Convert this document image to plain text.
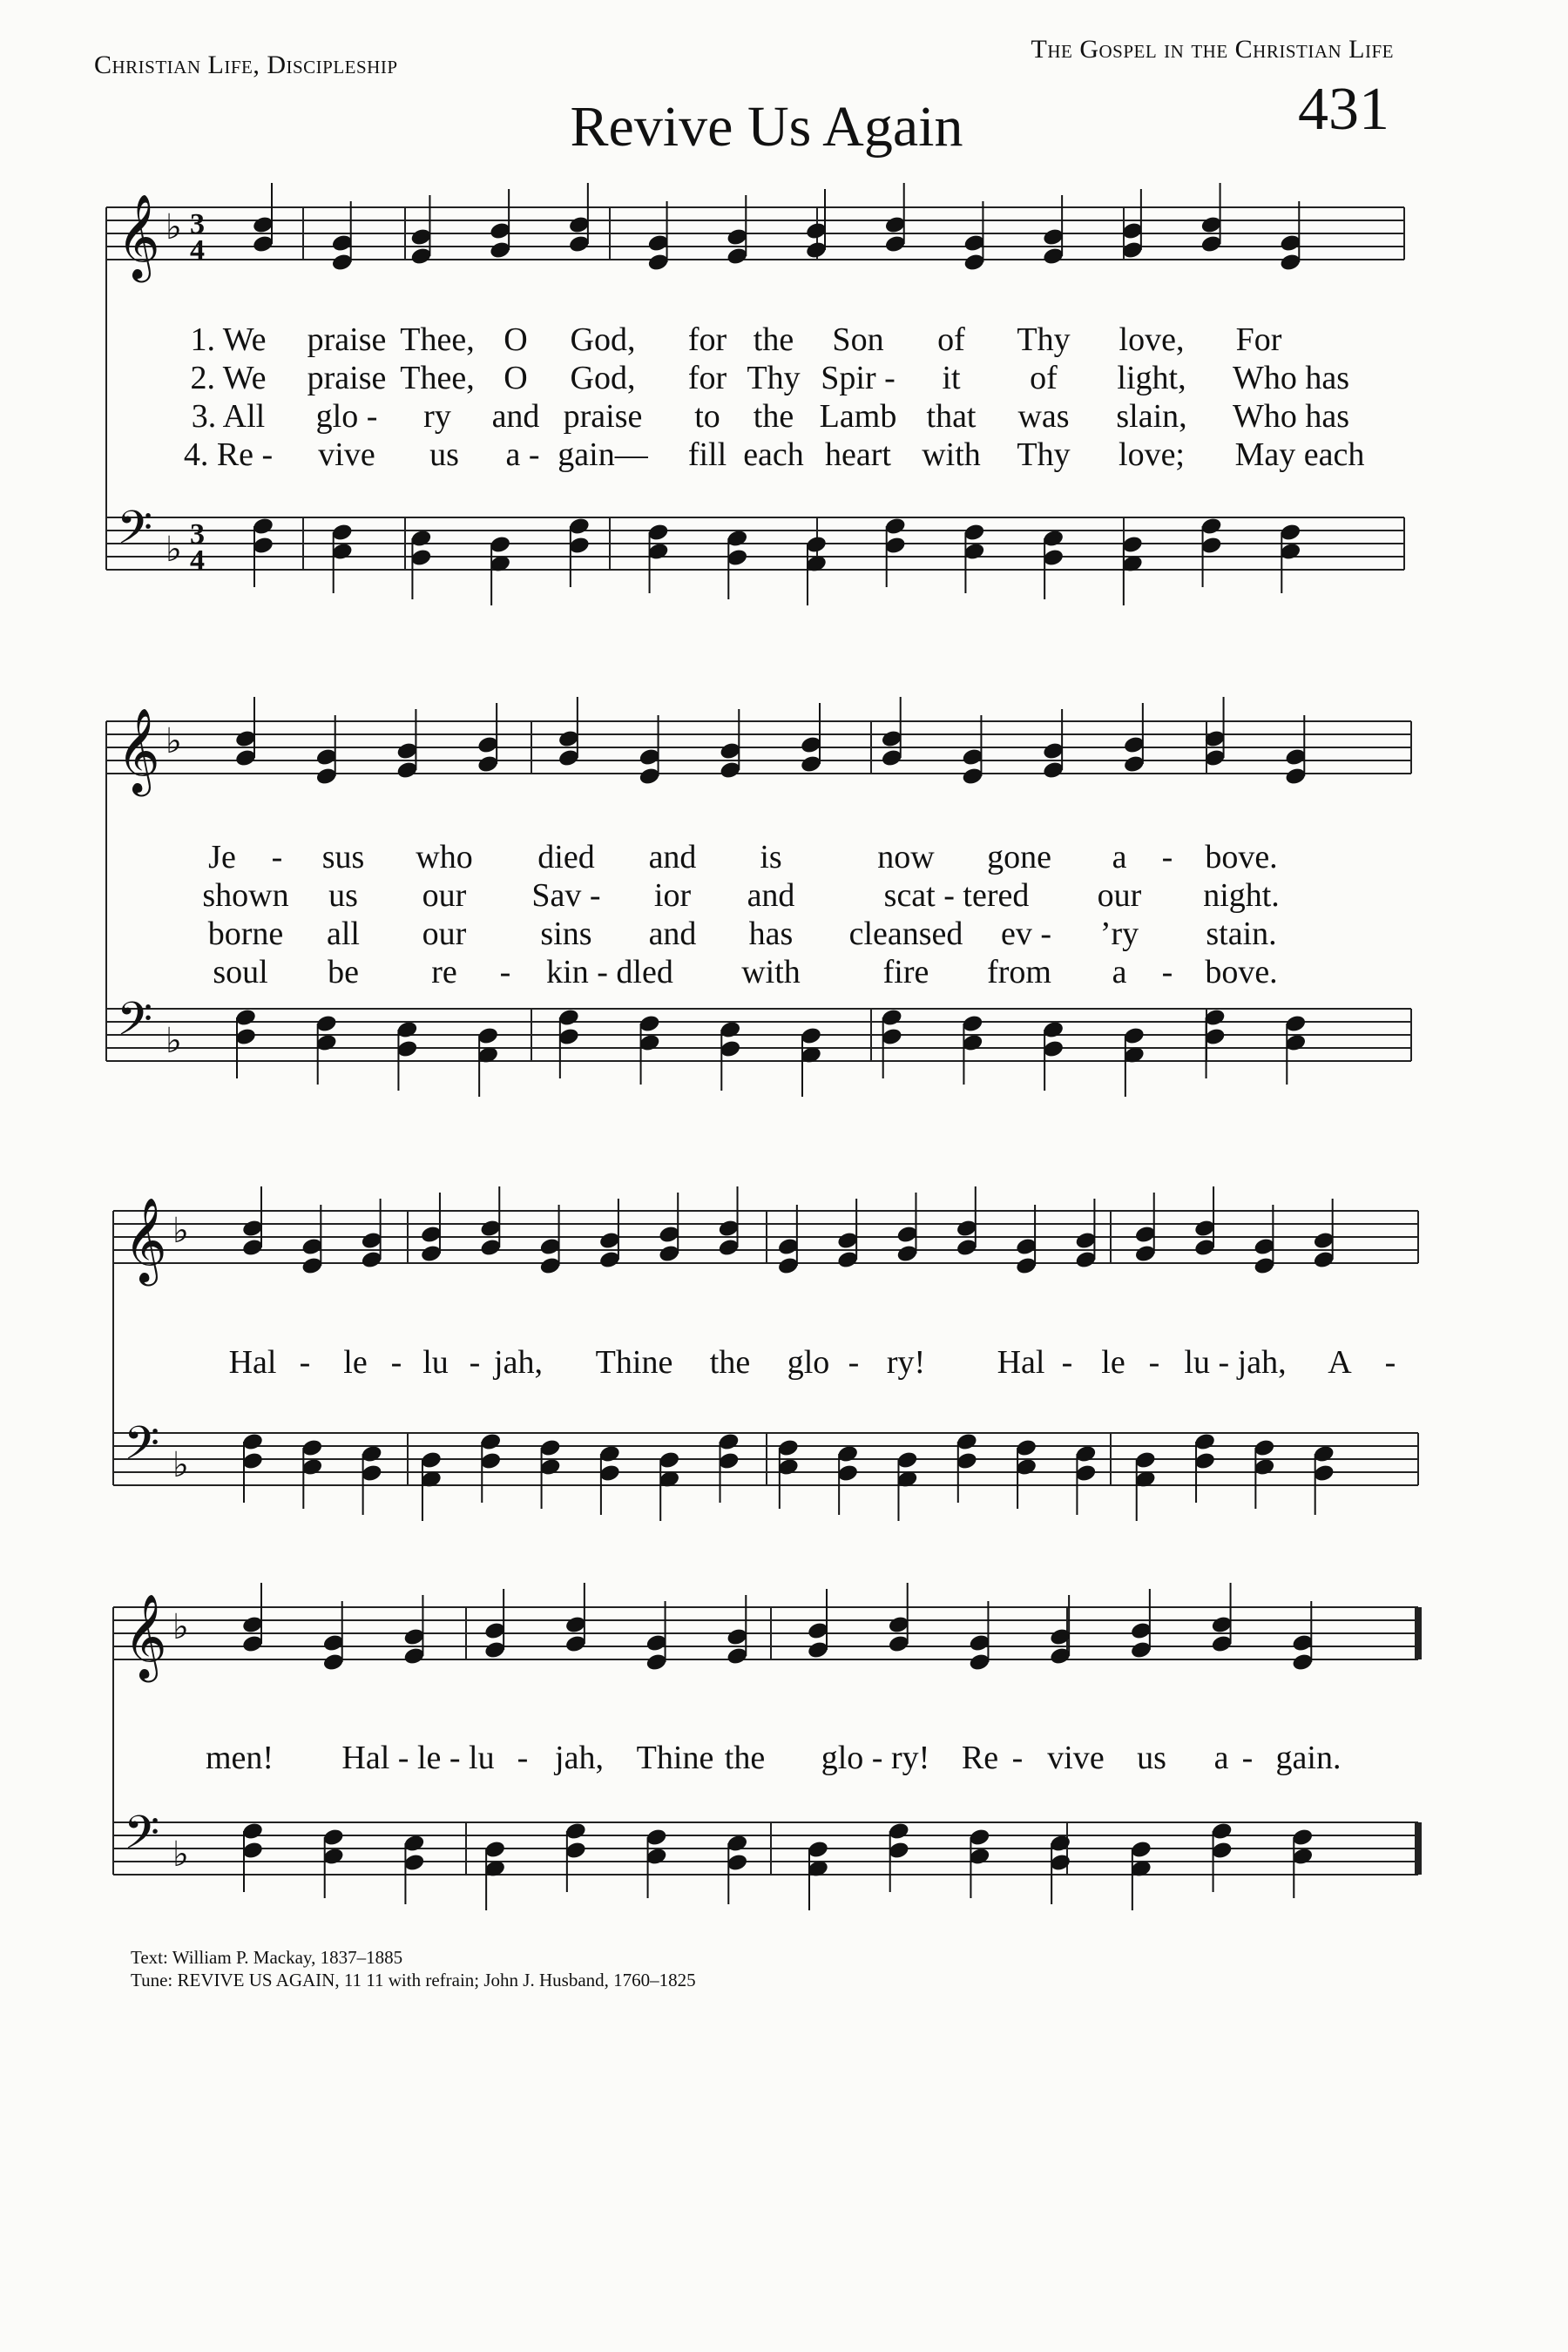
Christian Life, Discipleship
The Gospel in the Christian Life
Revive Us Again	431
𝄞 ♭ 3
4
𝄢 ♭ 3
4
𝄞 ♭
𝄢 ♭
𝄞 ♭
𝄢 ♭
𝄞 ♭
𝄢 ♭
1. We praise Thee, O God, for the Son of Thy love, For
2. We praise Thee, O God, for Thy Spir - it of light, Who has
3. All glo - ry and praise to the Lamb that was slain, Who has
4. Re - vive us a - gain— fill each heart with Thy love; May each
Je - sus who died and is	now gone a - bove.
shown us our Sav - ior and	scat - tered our night.
borne all our sins and has cleansed ev - ’ry stain.
soul be re - kin - dled with fire from a - bove.
Hal - le - lu - jah, Thine the glo - ry! Hal - le - lu - jah, A -
men! Hal - le - lu - jah, Thine the glo - ry! Re - vive us a - gain.
Text: William P. Mackay, 1837–1885
Tune: REVIVE US AGAIN, 11 11 with refrain; John J. Husband, 1760–1825
